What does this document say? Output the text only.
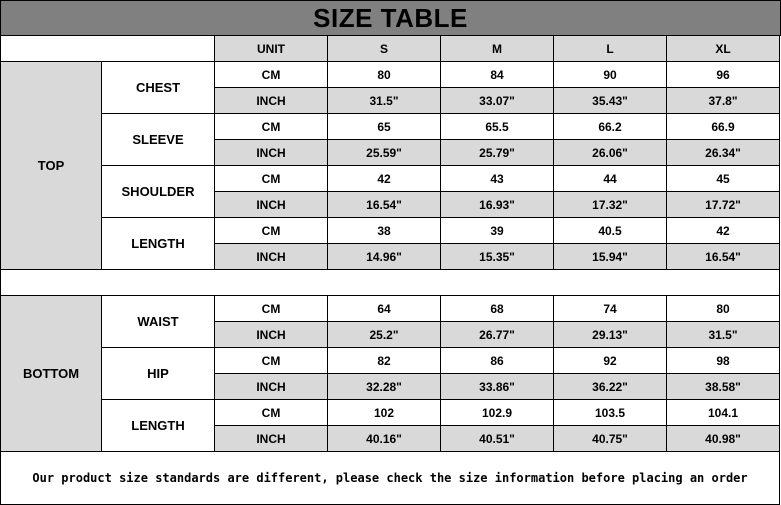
SIZE TABLE
		UNIT	S	M	L	XL
TOP	CHEST	CM	80	84	90	96
		INCH	31.5"	33.07"	35.43"	37.8"
	SLEEVE	CM	65	65.5	66.2	66.9
		INCH	25.59"	25.79"	26.06"	26.34"
	SHOULDER	CM	42	43	44	45
		INCH	16.54"	16.93"	17.32"	17.72"
	LENGTH	CM	38	39	40.5	42
		INCH	14.96"	15.35"	15.94"	16.54"

BOTTOM	WAIST	CM	64	68	74	80
		INCH	25.2"	26.77"	29.13"	31.5"
	HIP	CM	82	86	92	98
		INCH	32.28"	33.86"	36.22"	38.58"
	LENGTH	CM	102	102.9	103.5	104.1
		INCH	40.16"	40.51"	40.75"	40.98"
Our product size standards are different, please check the size information before placing an order						
